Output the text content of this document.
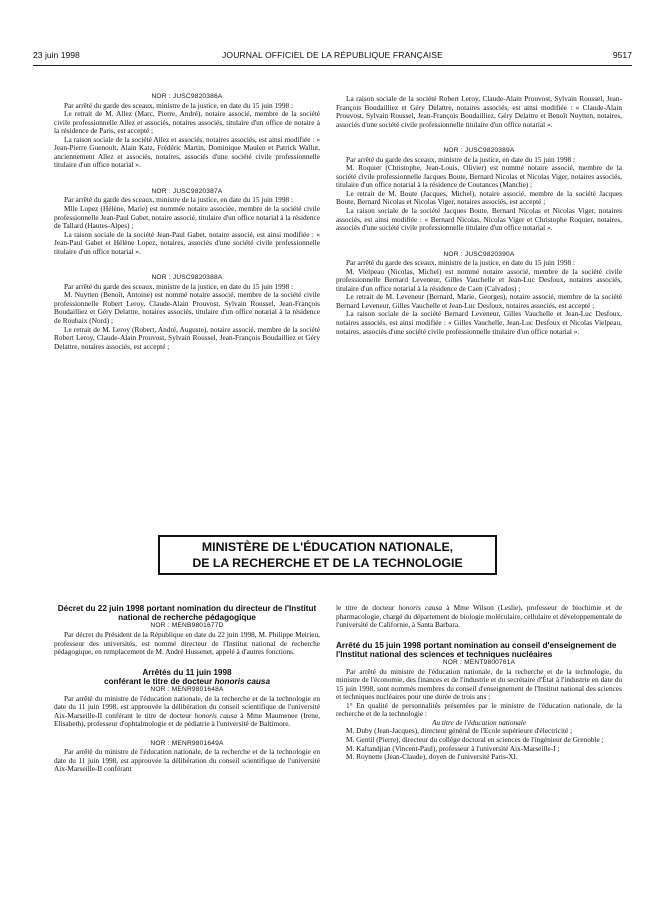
23 juin 1998	JOURNAL OFFICIEL DE LA RÉPUBLIQUE FRANÇAISE	9517

NOR : JUSC9820386A

Par arrêté du garde des sceaux, ministre de la justice, en date du 15 juin 1998 :

Le retrait de M. Allez (Marc, Pierre, André), notaire associé, membre de la société civile professionnelle Allez et associés, notaires associés, titulaire d'un office de notaire à la résidence de Paris, est accepté ;

La raison sociale de la société Allez et associés, notaires associés, est ainsi modifiée : « Jean-Pierre Guenoult, Alain Katz, Frédéric Martin, Dominique Maulen et Patrick Wallut, anciennement Allez et associés, notaires, associés d'une société civile professionnelle titulaire d'un office notarial ».

NOR : JUSC9820387A

Par arrêté du garde des sceaux, ministre de la justice, en date du 15 juin 1998 :

Mlle Lopez (Hélène, Marie) est nommée notaire associée, membre de la société civile professionnelle Jean-Paul Gabet, notaire associé, titulaire d'un office notarial à la résidence de Tallard (Hautes-Alpes) ;

La raison sociale de la société Jean-Paul Gabet, notaire associé, est ainsi modifiée : « Jean-Paul Gabet et Hélène Lopez, notaires, associés d'une société civile professionnelle titulaire d'un office notarial ».

NOR : JUSC9820388A

Par arrêté du garde des sceaux, ministre de la justice, en date du 15 juin 1998 :

M. Nuytten (Benoît, Antoine) est nommé notaire associé, membre de la société civile professionnelle Robert Leroy, Claude-Alain Prouvost, Sylvain Roussel, Jean-François Boudailliez et Géry Delattre, notaires associés, titulaire d'un office notarial à la résidence de Roubaix (Nord) ;

Le retrait de M. Leroy (Robert, André, Auguste), notaire associé, membre de la société Robert Leroy, Claude-Alain Prouvost, Sylvain Roussel, Jean-François Boudailliez et Géry Delattre, notaires associés, est accepté ;

La raison sociale de la société Robert Leroy, Claude-Alain Prouvost, Sylvain Roussel, Jean-François Boudailliez et Géry Delattre, notaires associés, est ainsi modifiée : « Claude-Alain Prouvost, Sylvain Roussel, Jean-François Boudailliez, Géry Delattre et Benoît Nuytten, notaires, associés d'une société civile professionnelle titulaire d'un office notarial ».

NOR : JUSC9820389A

Par arrêté du garde des sceaux, ministre de la justice, en date du 15 juin 1998 :

M. Roquier (Christophe, Jean-Louis, Olivier) est nommé notaire associé, membre de la société civile professionnelle Jacques Boute, Bernard Nicolas et Nicolas Viger, notaires associés, titulaire d'un office notarial à la résidence de Coutances (Manche) ;

Le retrait de M. Boute (Jacques, Michel), notaire associé, membre de la société Jacques Boute, Bernard Nicolas et Nicolas Viger, notaires associés, est accepté ;

La raison sociale de la société Jacques Boute, Bernard Nicolas et Nicolas Viger, notaires associés, est ainsi modifiée : « Bernard Nicolas, Nicolas Viger et Christophe Roquier, notaires, associés d'une société civile professionnelle titulaire d'un office notarial ».

NOR : JUSC9820390A

Par arrêté du garde des sceaux, ministre de la justice, en date du 15 juin 1998 :

M. Vielpeau (Nicolas, Michel) est nommé notaire associé, membre de la société civile professionnelle Bernard Leveneur, Gilles Vauchelle et Jean-Luc Desfoux, notaires associés, titulaire d'un office notarial à la résidence de Caen (Calvados) ;

Le retrait de M. Leveneur (Bernard, Marie, Georges), notaire associé, membre de la société Bernard Leveneur, Gilles Vauchelle et Jean-Luc Desfoux, notaires associés, est accepté ;

La raison sociale de la société Bernard Leveneur, Gilles Vauchelle et Jean-Luc Desfoux, notaires associés, est ainsi modifiée : « Gilles Vauchelle, Jean-Luc Desfoux et Nicolas Vielpeau, notaires, associés d'une société civile professionnelle titulaire d'un office notarial ».

MINISTÈRE DE L'ÉDUCATION NATIONALE,
DE LA RECHERCHE ET DE LA TECHNOLOGIE

Décret du 22 juin 1998 portant nomination du directeur de l'Institut national de recherche pédagogique

NOR : MENB9801677D

Par décret du Président de la République en date du 22 juin 1998, M. Philippe Meirieu, professeur des universités, est nommé directeur de l'Institut national de recherche pédagogique, en remplacement de M. André Hussenet, appelé à d'autres fonctions.

Arrêtés du 11 juin 1998

conférant le titre de docteur honoris causa

NOR : MENR9801648A

Par arrêté du ministre de l'éducation nationale, de la recherche et de la technologie en date du 11 juin 1998, est approuvée la délibération du conseil scientifique de l'université Aix-Marseille-II conférant le titre de docteur honoris causa à Mme Maumenee (Irene, Elisabeth), professeur d'ophtalmologie et de pédiatrie à l'université de Baltimore.

NOR : MENR9801649A

Par arrêté du ministre de l'éducation nationale, de la recherche et de la technologie en date du 11 juin 1998, est approuvée la délibération du conseil scientifique de l'université Aix-Marseille-II conférant

le titre de docteur honoris causa à Mme Wilson (Leslie), professeur de biochimie et de pharmacologie, chargé du département de biologie moléculaire, cellulaire et développementale de l'université de Californie, à Santa Barbara.

Arrêté du 15 juin 1998 portant nomination au conseil d'enseignement de l'Institut national des sciences et techniques nucléaires

NOR : MENT9800761A

Par arrêté du ministre de l'éducation nationale, de la recherche et de la technologie, du ministre de l'économie, des finances et de l'industrie et du secrétaire d'État à l'industrie en date du 15 juin 1998, sont nommés membres du conseil d'enseignement de l'Institut national des sciences et techniques nucléaires pour une durée de trois ans :

1° En qualité de personnalités présentées par le ministre de l'éducation nationale, de la recherche et de la technologie :

Au titre de l'éducation nationale

M. Duby (Jean-Jacques), directeur général de l'Ecole supérieure d'électricité ;

M. Gentil (Pierre), directeur du collège doctoral en sciences de l'ingénieur de Grenoble ;

M. Kaftandjian (Vincent-Paul), professeur à l'université Aix-Marseille-I ;

M. Roynette (Jean-Claude), doyen de l'université Paris-XI.
